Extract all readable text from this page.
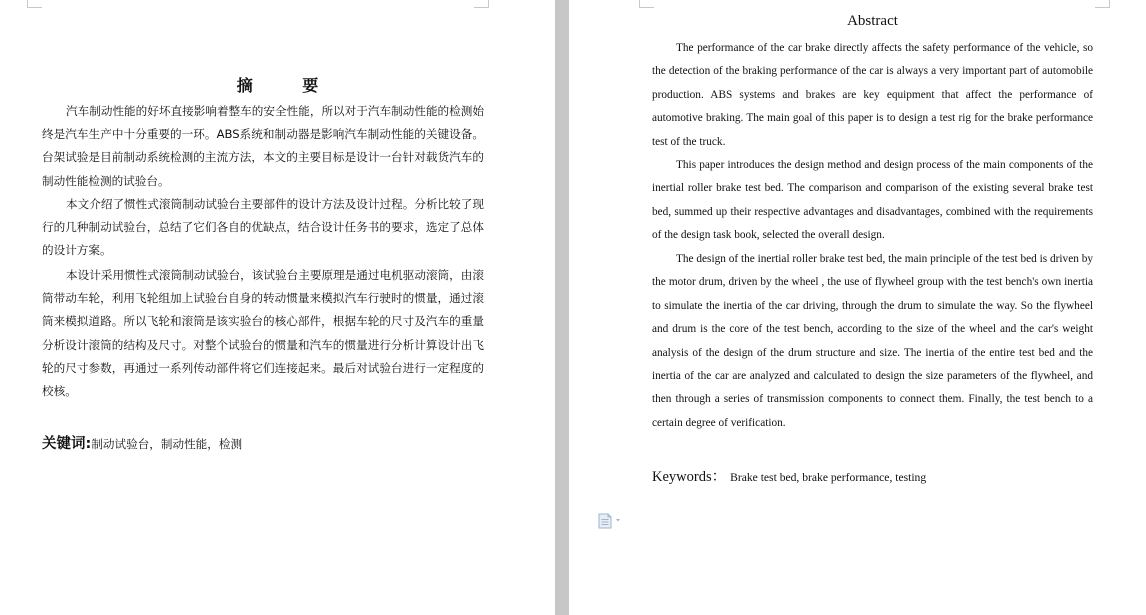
摘 要

汽车制动性能的好坏直接影响着整车的安全性能，所以对于汽车制动性能的检测始终是汽车生产中十分重要的一环。ABS系统和制动器是影响汽车制动性能的关键设备。台架试验是目前制动系统检测的主流方法，本文的主要目标是设计一台针对载货汽车的制动性能检测的试验台。

本文介绍了惯性式滚筒制动试验台主要部件的设计方法及设计过程。分析比较了现行的几种制动试验台，总结了它们各自的优缺点，结合设计任务书的要求，选定了总体的设计方案。

本设计采用惯性式滚筒制动试验台，该试验台主要原理是通过电机驱动滚筒，由滚筒带动车轮，利用飞轮组加上试验台自身的转动惯量来模拟汽车行驶时的惯量，通过滚筒来模拟道路。所以飞轮和滚筒是该实验台的核心部件，根据车轮的尺寸及汽车的重量分析设计滚筒的结构及尺寸。对整个试验台的惯量和汽车的惯量进行分析计算设计出飞轮的尺寸参数，再通过一系列传动部件将它们连接起来。最后对试验台进行一定程度的校核。

关键词:制动试验台，制动性能，检测
Abstract

The performance of the car brake directly affects the safety performance of the vehicle, so the detection of the braking performance of the car is always a very important part of automobile production. ABS systems and brakes are key equipment that affect the performance of automotive braking. The main goal of this paper is to design a test rig for the brake performance test of the truck.

This paper introduces the design method and design process of the main components of the inertial roller brake test bed. The comparison and comparison of the existing several brake test bed, summed up their respective advantages and disadvantages, combined with the requirements of the design task book, selected the overall design.

The design of the inertial roller brake test bed, the main principle of the test bed is driven by the motor drum, driven by the wheel , the use of flywheel group with the test bench's own inertia to simulate the inertia of the car driving, through the drum to simulate the way. So the flywheel and drum is the core of the test bench, according to the size of the wheel and the car's weight analysis of the design of the drum structure and size. The inertia of the entire test bed and the inertia of the car are analyzed and calculated to design the size parameters of the flywheel, and then through a series of transmission components to connect them. Finally, the test bench to a certain degree of verification.

Keywords： Brake test bed, brake performance, testing
